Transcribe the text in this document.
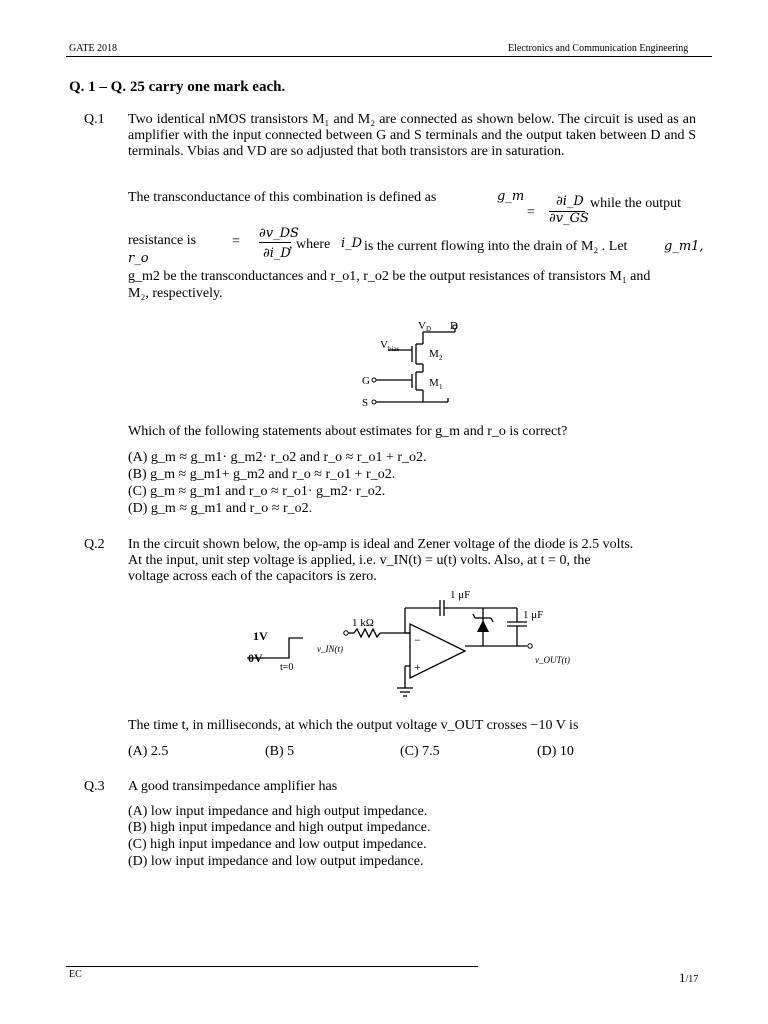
GATE 2018	Electronics and Communication Engineering
Q. 1 – Q. 25 carry one mark each.
Q.1 Two identical nMOS transistors M₁ and M₂ are connected as shown below. The circuit is used as an amplifier with the input connected between G and S terminals and the output taken between D and S terminals. Vbias and VD are so adjusted that both transistors are in saturation.
The transconductance of this combination is defined as	g_m
=
∂i_D
∂v_GS
while the output
resistance is
r_o
=
∂v_DS
∂i_D
, where i_D is the current flowing into the drain of M₂ . Let	g_m1,
g_m2 be the transconductances and r_o1, r_o2 be the output resistances of transistors M₁ and
M₂, respectively.
V D D
V bias	M 2
G	M 1
S
Which of the following statements about estimates for g_m and r_o is correct?
(A) g_m ≈ g_m1· g_m2· r_o2 and r_o ≈ r_o1 + r_o2.
(B) g_m ≈ g_m1+ g_m2 and r_o ≈ r_o1 + r_o2.
(C) g_m ≈ g_m1 and r_o ≈ r_o1· g_m2· r_o2.
(D) g_m ≈ g_m1 and r_o ≈ r_o2.
Q.2 In the circuit shown below, the op-amp is ideal and Zener voltage of the diode is 2.5 volts.
At the input, unit step voltage is applied, i.e. v_IN(t) = u(t) volts. Also, at t = 0, the
voltage across each of the capacitors is zero.
−
+
1 μF
1 μF
1 kΩ
1V
0V
t=0
v_IN(t)
v_OUT(t)
The time t, in milliseconds, at which the output voltage v_OUT crosses −10 V is
(A) 2.5	(B) 5	(C) 7.5	(D) 10
Q.3 A good transimpedance amplifier has
(A) low input impedance and high output impedance.
(B) high input impedance and high output impedance.
(C) high input impedance and low output impedance.
(D) low input impedance and low output impedance.
EC	1/17
